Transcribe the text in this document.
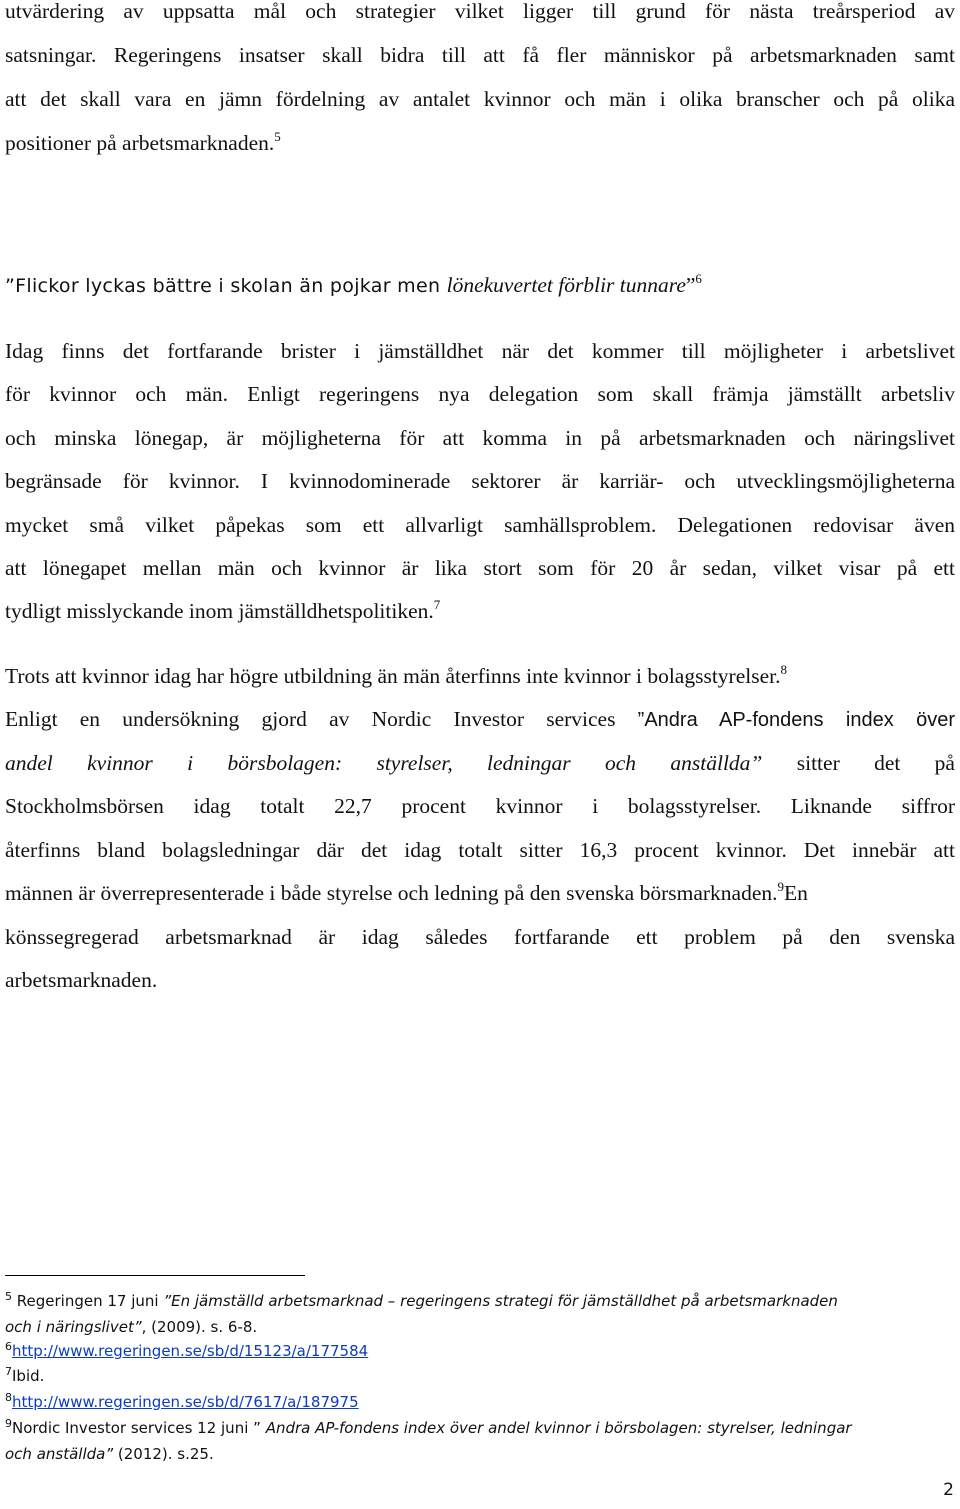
utvärdering av uppsatta mål och strategier vilket ligger till grund för nästa treårsperiod av
satsningar. Regeringens insatser skall bidra till att få fler människor på arbetsmarknaden samt
att det skall vara en jämn fördelning av antalet kvinnor och män i olika branscher och på olika
positioner på arbetsmarknaden.$^5$
”Flickor lyckas bättre i skolan än pojkar men lönekuvertet förblir tunnare”$^6$
Idag finns det fortfarande brister i jämställdhet när det kommer till möjligheter i arbetslivet
för kvinnor och män. Enligt regeringens nya delegation som skall främja jämställt arbetsliv
och minska lönegap, är möjligheterna för att komma in på arbetsmarknaden och näringslivet
begränsade för kvinnor. I kvinnodominerade sektorer är karriär- och utvecklingsmöjligheterna
mycket små vilket påpekas som ett allvarligt samhällsproblem. Delegationen redovisar även
att lönegapet mellan män och kvinnor är lika stort som för 20 år sedan, vilket visar på ett
tydligt misslyckande inom jämställdhetspolitiken.$^7$
Trots att kvinnor idag har högre utbildning än män återfinns inte kvinnor i bolagsstyrelser.$^8$
Enligt en undersökning gjord av Nordic Investor services ”Andra AP-fondens index över
andel kvinnor i börsbolagen: styrelser, ledningar och anställda” sitter det på
Stockholmsbörsen idag totalt 22,7 procent kvinnor i bolagsstyrelser. Liknande siffror
återfinns bland bolagsledningar där det idag totalt sitter 16,3 procent kvinnor. Det innebär att
männen är överrepresenterade i både styrelse och ledning på den svenska börsmarknaden.$^9$En
könssegregerad arbetsmarknad är idag således fortfarande ett problem på den svenska
arbetsmarknaden.
$^5$ Regeringen 17 juni ”En jämställd arbetsmarknad – regeringens strategi för jämställdhet på arbetsmarknaden
och i näringslivet”, (2009). s. 6-8.
$^6$http://www.regeringen.se/sb/d/15123/a/177584
$^7$Ibid.
$^8$http://www.regeringen.se/sb/d/7617/a/187975
$^9$Nordic Investor services 12 juni ” Andra AP-fondens index över andel kvinnor i börsbolagen: styrelser, ledningar
och anställda” (2012). s.25.
2
